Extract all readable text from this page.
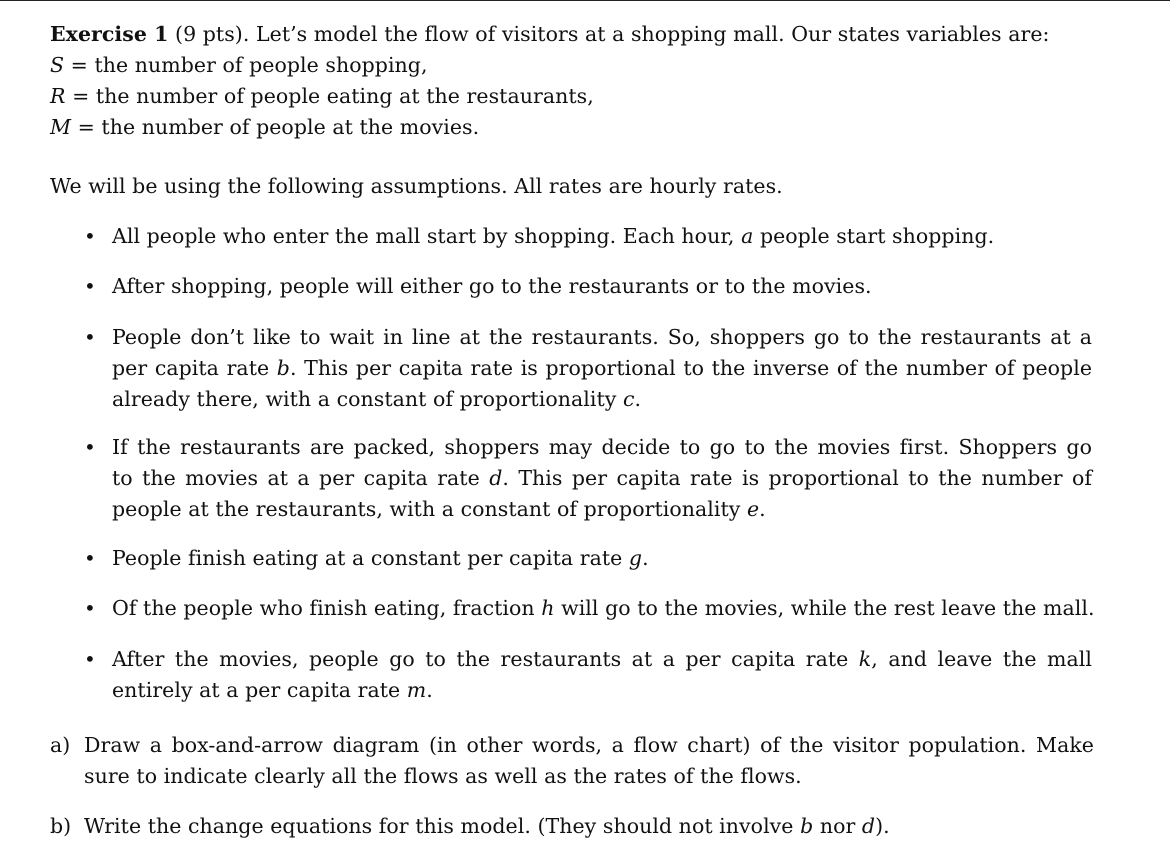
Exercise 1 (9 pts). Let’s model the flow of visitors at a shopping mall. Our states variables are:
S = the number of people shopping,
R = the number of people eating at the restaurants,
M = the number of people at the movies.
We will be using the following assumptions. All rates are hourly rates.
• All people who enter the mall start by shopping. Each hour, a people start shopping.
• After shopping, people will either go to the restaurants or to the movies.
• People don’t like to wait in line at the restaurants. So, shoppers go to the restaurants at a
per capita rate b. This per capita rate is proportional to the inverse of the number of people
already there, with a constant of proportionality c.
• If the restaurants are packed, shoppers may decide to go to the movies first. Shoppers go
to the movies at a per capita rate d. This per capita rate is proportional to the number of
people at the restaurants, with a constant of proportionality e.
• People finish eating at a constant per capita rate g.
• Of the people who finish eating, fraction h will go to the movies, while the rest leave the mall.
• After the movies, people go to the restaurants at a per capita rate k, and leave the mall
entirely at a per capita rate m.
a) Draw a box-and-arrow diagram (in other words, a flow chart) of the visitor population. Make
sure to indicate clearly all the flows as well as the rates of the flows.
b) Write the change equations for this model. (They should not involve b nor d).
